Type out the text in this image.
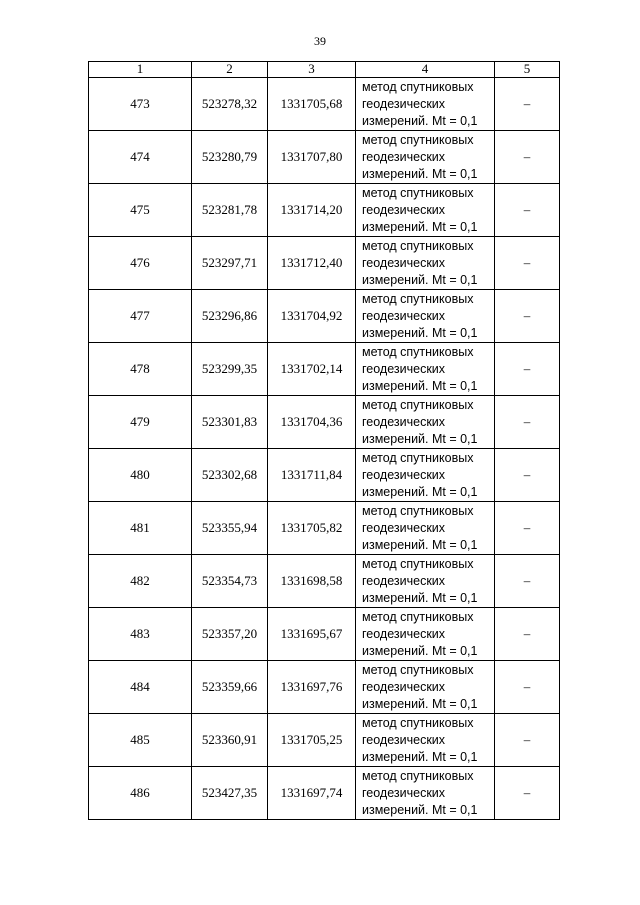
39
1	2	3	4	5
473	523278,32	1331705,68	метод спутниковых
геодезических
измерений. Mt = 0,1	–
474	523280,79	1331707,80	метод спутниковых
геодезических
измерений. Mt = 0,1	–
475	523281,78	1331714,20	метод спутниковых
геодезических
измерений. Mt = 0,1	–
476	523297,71	1331712,40	метод спутниковых
геодезических
измерений. Mt = 0,1	–
477	523296,86	1331704,92	метод спутниковых
геодезических
измерений. Mt = 0,1	–
478	523299,35	1331702,14	метод спутниковых
геодезических
измерений. Mt = 0,1	–
479	523301,83	1331704,36	метод спутниковых
геодезических
измерений. Mt = 0,1	–
480	523302,68	1331711,84	метод спутниковых
геодезических
измерений. Mt = 0,1	–
481	523355,94	1331705,82	метод спутниковых
геодезических
измерений. Mt = 0,1	–
482	523354,73	1331698,58	метод спутниковых
геодезических
измерений. Mt = 0,1	–
483	523357,20	1331695,67	метод спутниковых
геодезических
измерений. Mt = 0,1	–
484	523359,66	1331697,76	метод спутниковых
геодезических
измерений. Mt = 0,1	–
485	523360,91	1331705,25	метод спутниковых
геодезических
измерений. Mt = 0,1	–
486	523427,35	1331697,74	метод спутниковых
геодезических
измерений. Mt = 0,1	–
